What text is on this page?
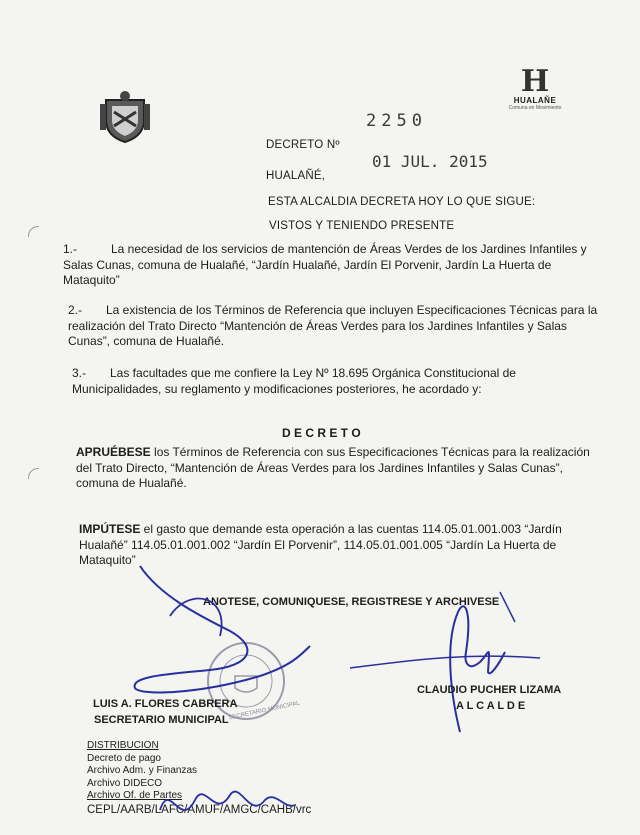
H
HUALAÑE
Comuna en Movimiento
DECRETO Nº
2250
HUALAÑÉ,
01 JUL. 2015
ESTA ALCALDIA DECRETA HOY LO QUE SIGUE:
VISTOS Y TENIENDO PRESENTE
1.-	La necesidad de los servicios de mantención de Áreas Verdes de los Jardines Infantiles y Salas Cunas, comuna de Hualañé, “Jardín Hualañé, Jardín El Porvenir, Jardín La Huerta de Mataquito”
2.- La existencia de los Términos de Referencia que incluyen Especificaciones Técnicas para la realización del Trato Directo “Mantención de Áreas Verdes para los Jardines Infantiles y Salas Cunas”, comuna de Hualañé.
3.- Las facultades que me confiere la Ley Nº 18.695 Orgánica Constitucional de Municipalidades, su reglamento y modificaciones posteriores, he acordado y:
D E C R E T O
APRUÉBESE los Términos de Referencia con sus Especificaciones Técnicas para la realización del Trato Directo, “Mantención de Áreas Verdes para los Jardines Infantiles y Salas Cunas”, comuna de Hualañé.
IMPÚTESE el gasto que demande esta operación a las cuentas 114.05.01.001.003 “Jardín Hualañé” 114.05.01.001.002 “Jardín El Porvenir”, 114.05.01.001.005 “Jardín La Huerta de Mataquito”
ANOTESE, COMUNIQUESE, REGISTRESE Y ARCHIVESE
SECRETARIO MUNICIPAL
LUIS A. FLORES CABRERA
SECRETARIO MUNICIPAL
CLAUDIO PUCHER LIZAMA
A L C A L D E
DISTRIBUCION
Decreto de pago
Archivo Adm. y Finanzas
Archivo DIDECO
Archivo Of. de Partes
CEPL/AARB/LAFC/AMUF/AMGC/CAHB/vrc
